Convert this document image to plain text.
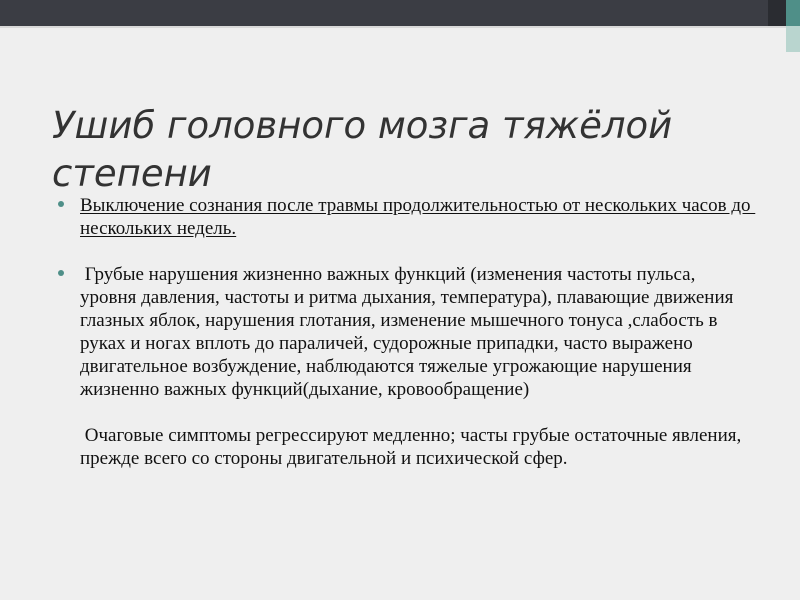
Ушиб головного мозга тяжёлой степени
Выключение сознания после травмы продолжительностью от нескольких часов до нескольких недель.
Грубые нарушения жизненно важных функций (изменения частоты пульса, уровня давления, частоты и ритма дыхания, температура), плавающие движения глазных яблок, нарушения глотания, изменение мышечного тонуса ,слабость в руках и ногах вплоть до параличей, судорожные припадки, часто выражено двигательное возбуждение, наблюдаются тяжелые угрожающие нарушения жизненно важных функций(дыхание, кровообращение)
Очаговые симптомы регрессируют медленно; часты грубые остаточные явления, прежде всего со стороны двигательной и психической сфер.
